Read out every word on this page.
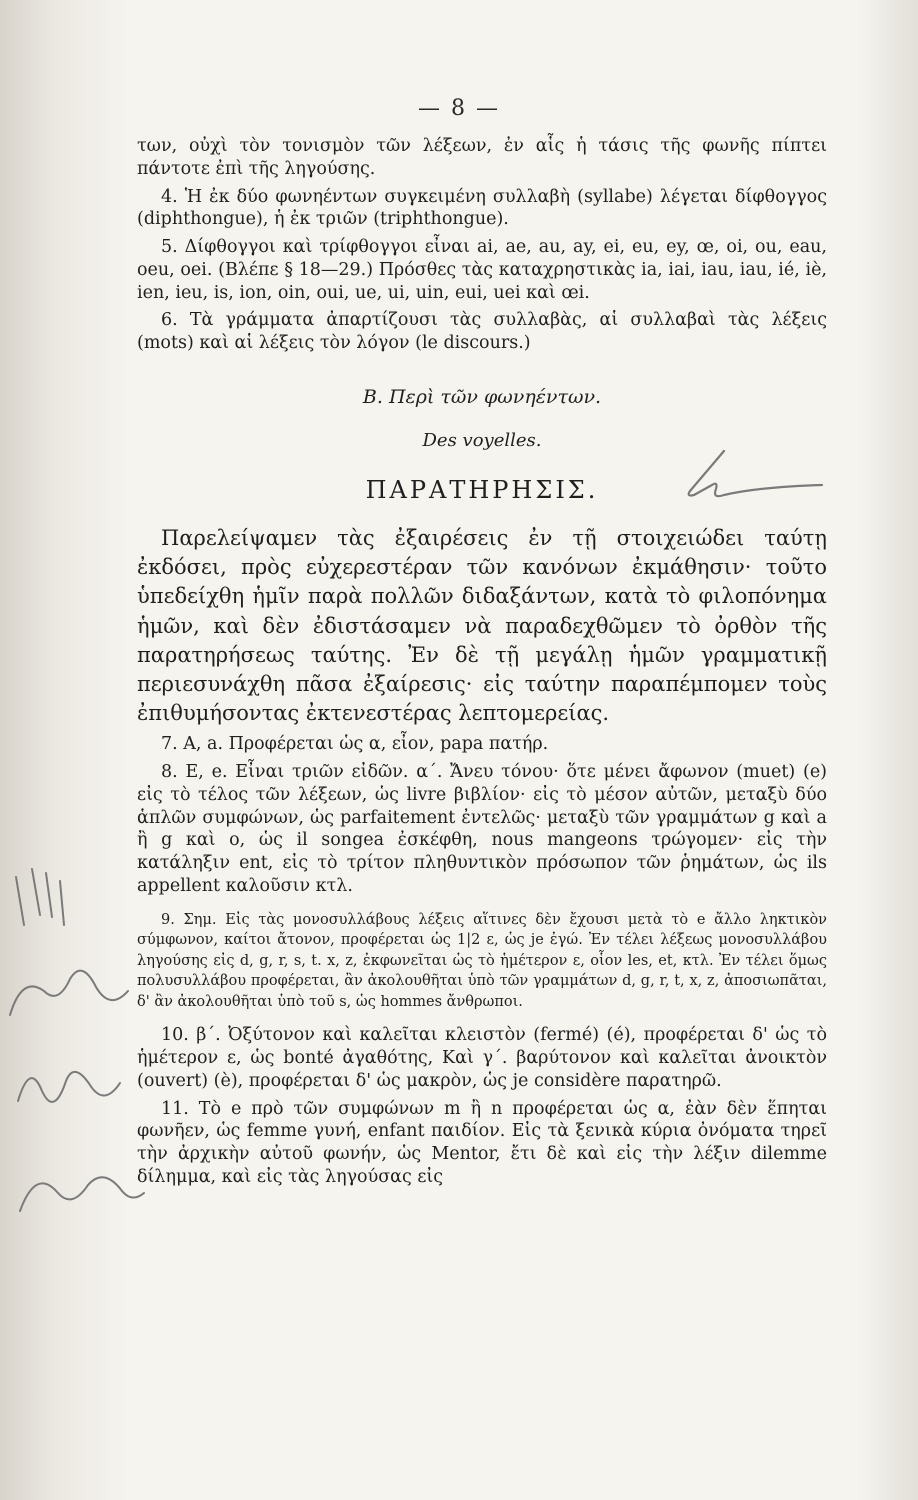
— 8 —

των, οὐχὶ τὸν τονισμὸν τῶν λέξεων, ἐν αἷς ἡ τάσις τῆς φωνῆς πίπτει πάντοτε ἐπὶ τῆς ληγούσης.

4. Ἡ ἐκ δύο φωνηέντων συγκειμένη συλλαβὴ (syllabe) λέγεται δίφθογγος (diphthongue), ἡ ἐκ τριῶν (triphthongue).

5. Δίφθογγοι καὶ τρίφθογγοι εἶναι ai, ae, au, ay, ei, eu, ey, œ, oi, ou, eau, oeu, oei. (Βλέπε § 18—29.) Πρόσθες τὰς καταχρηστικὰς ia, iai, iau, iau, ié, iè, ien, ieu, is, ion, oin, oui, ue, ui, uin, eui, uei καὶ œi.

6. Τὰ γράμματα ἀπαρτίζουσι τὰς συλλαβὰς, αἱ συλλαβαὶ τὰς λέξεις (mots) καὶ αἱ λέξεις τὸν λόγον (le discours.)

Β. Περὶ τῶν φωνηέντων.

Des voyelles.

ΠΑΡΑΤΗΡΗΣΙΣ.

Παρελείψαμεν τὰς ἐξαιρέσεις ἐν τῇ στοιχειώδει ταύτῃ ἐκδόσει, πρὸς εὐχερεστέραν τῶν κανόνων ἐκμάθησιν· τοῦτο ὑπεδείχθη ἡμῖν παρὰ πολλῶν διδαξάντων, κατὰ τὸ φιλοπόνημα ἡμῶν, καὶ δὲν ἐδιστάσαμεν νὰ παραδεχθῶμεν τὸ ὀρθὸν τῆς παρατηρήσεως ταύτης. Ἐν δὲ τῇ μεγάλῃ ἡμῶν γραμματικῇ περιεσυνάχθη πᾶσα ἐξαίρεσις· εἰς ταύτην παραπέμπομεν τοὺς ἐπιθυμήσοντας ἐκτενεστέρας λεπτομερείας.

7. A, a. Προφέρεται ὡς α, εἶον, papa πατήρ.

8. E, e. Εἶναι τριῶν εἰδῶν. α΄. Ἄνευ τόνου· ὅτε μένει ἄφωνον (muet) (e) εἰς τὸ τέλος τῶν λέξεων, ὡς livre βιβλίον· εἰς τὸ μέσον αὐτῶν, μεταξὺ δύο ἁπλῶν συμφώνων, ὡς parfaitement ἐντελῶς· μεταξὺ τῶν γραμμάτων g καὶ a ἢ g καὶ o, ὡς il songea ἐσκέφθη, nous mangeons τρώγομεν· εἰς τὴν κατάληξιν ent, εἰς τὸ τρίτον πληθυντικὸν πρόσωπον τῶν ῥημάτων, ὡς ils appellent καλοῦσιν κτλ.

9. Σημ. Εἰς τὰς μονοσυλλάβους λέξεις αἵτινες δὲν ἔχουσι μετὰ τὸ e ἄλλο ληκτικὸν σύμφωνον, καίτοι ἄτονον, προφέρεται ὡς 1|2 ε, ὡς je ἐγώ. Ἐν τέλει λέξεως μονοσυλλάβου ληγούσης εἰς d, g, r, s, t. x, z, ἐκφωνεῖται ὡς τὸ ἡμέτερον ε, οἷον les, et, κτλ. Ἐν τέλει ὅμως πολυσυλλάβου προφέρεται, ἂν ἀκολουθῆται ὑπὸ τῶν γραμμάτων d, g, r, t, x, z, ἀποσιωπᾶται, δ' ἂν ἀκολουθῆται ὑπὸ τοῦ s, ὡς hommes ἄνθρωποι.

10. β΄. Ὀξύτονον καὶ καλεῖται κλειστὸν (fermé) (é), προφέρεται δ' ὡς τὸ ἡμέτερον ε, ὡς bonté ἀγαθότης, Καὶ γ΄. βαρύτονον καὶ καλεῖται ἀνοικτὸν (ouvert) (è), προφέρεται δ' ὡς μακρὸν, ὡς je considère παρατηρῶ.

11. Τὸ e πρὸ τῶν συμφώνων m ἢ n προφέρεται ὡς α, ἐὰν δὲν ἕπηται φωνῆεν, ὡς femme γυνή, enfant παιδίον. Εἰς τὰ ξενικὰ κύρια ὀνόματα τηρεῖ τὴν ἀρχικὴν αὐτοῦ φωνήν, ὡς Mentor, ἔτι δὲ καὶ εἰς τὴν λέξιν dilemme δίλημμα, καὶ εἰς τὰς ληγούσας εἰς
